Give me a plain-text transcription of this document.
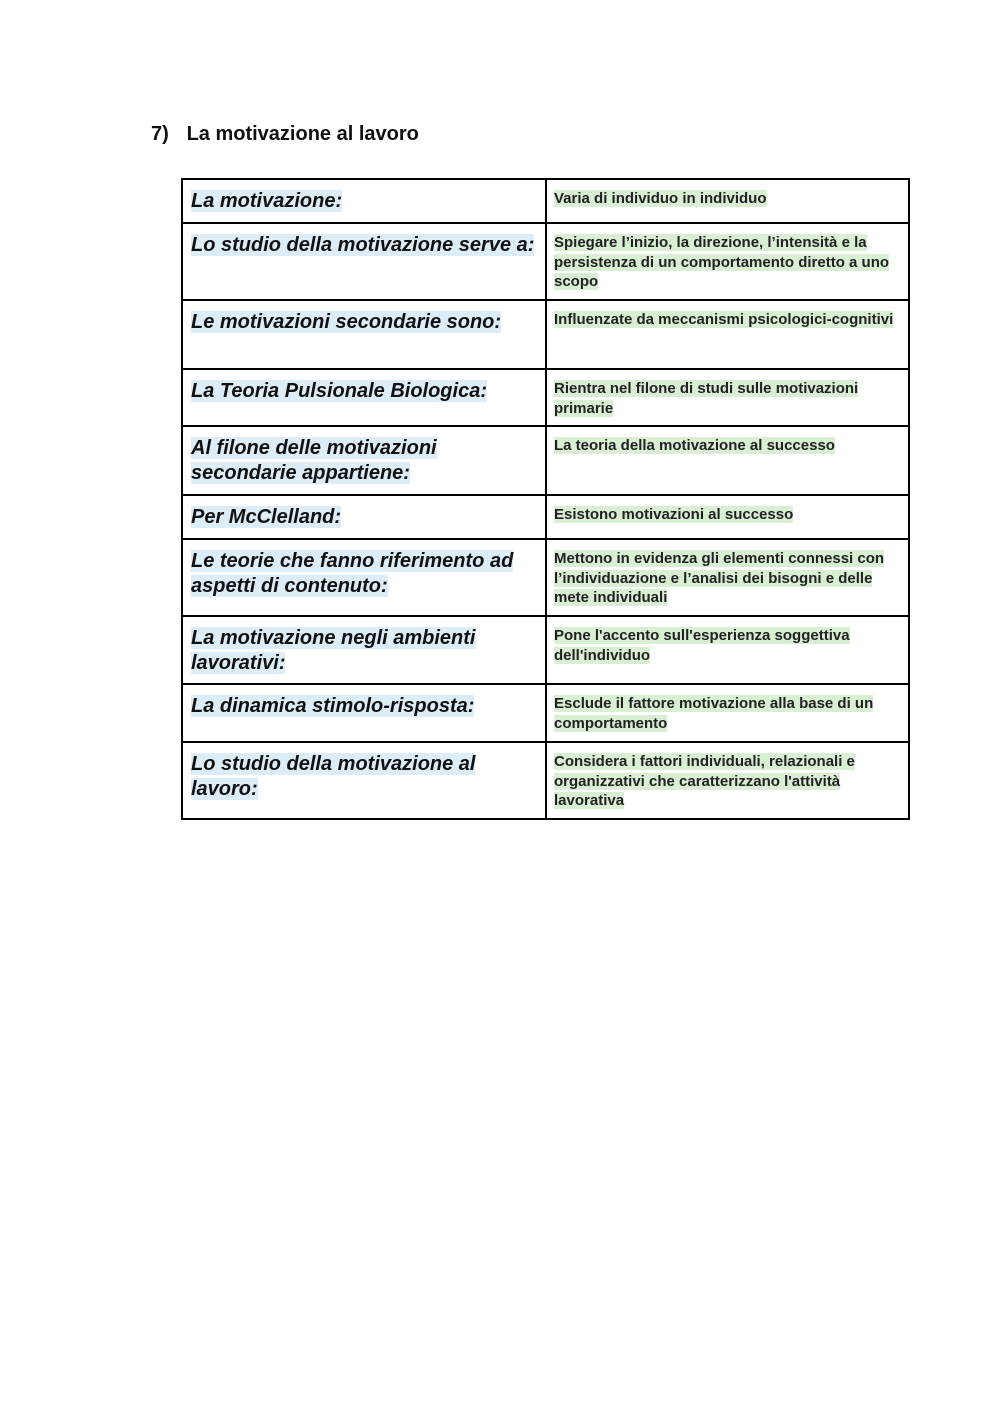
7) La motivazione al lavoro
La motivazione:	Varia di individuo in individuo
Lo studio della motivazione serve a:	Spiegare l’inizio, la direzione, l’intensità e la persistenza di un comportamento diretto a uno scopo
Le motivazioni secondarie sono:	Influenzate da meccanismi psicologici-cognitivi
La Teoria Pulsionale Biologica:	Rientra nel filone di studi sulle motivazioni primarie
Al filone delle motivazioni secondarie appartiene:	La teoria della motivazione al successo
Per McClelland:	Esistono motivazioni al successo
Le teorie che fanno riferimento ad aspetti di contenuto:	Mettono in evidenza gli elementi connessi con l’individuazione e l’analisi dei bisogni e delle mete individuali
La motivazione negli ambienti lavorativi:	Pone l'accento sull'esperienza soggettiva dell'individuo
La dinamica stimolo-risposta:	Esclude il fattore motivazione alla base di un comportamento
Lo studio della motivazione al lavoro:	Considera i fattori individuali, relazionali e organizzativi che caratterizzano l'attività lavorativa
